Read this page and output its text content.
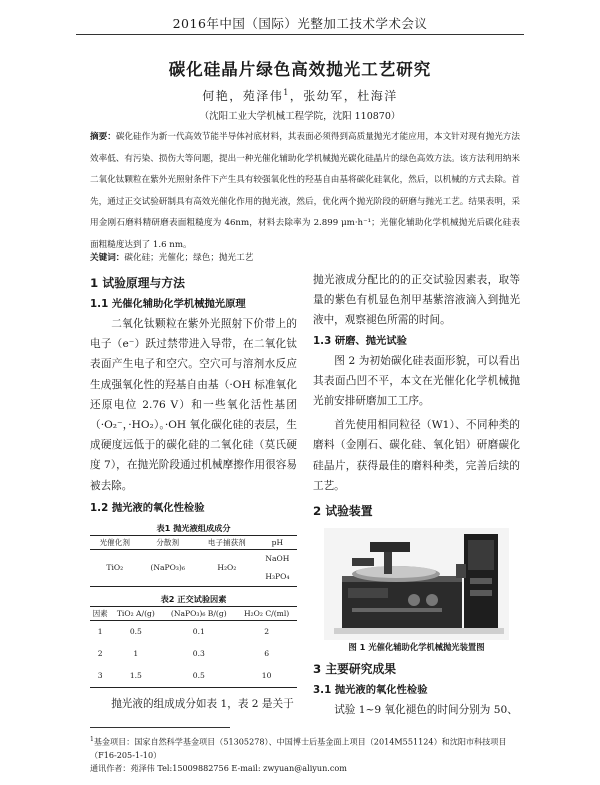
2016年中国（国际）光整加工技术学术会议
碳化硅晶片绿色高效抛光工艺研究
何艳，苑泽伟$^1$，张幼军，杜海洋
（沈阳工业大学机械工程学院，沈阳 110870）
摘要：碳化硅作为新一代高效节能半导体衬底材料，其表面必须得到高质量抛光才能应用，本文针对现有抛光方法效率低、有污染、损伤大等问题，提出一种光催化辅助化学机械抛光碳化硅晶片的绿色高效方法。该方法利用纳米二氧化钛颗粒在紫外光照射条件下产生具有较强氧化性的羟基自由基将碳化硅氧化，然后，以机械的方式去除。首先，通过正交试验研制具有高效光催化作用的抛光液，然后，优化两个抛光阶段的研磨与抛光工艺。结果表明，采用金刚石磨料精研磨表面粗糙度为 46nm，材料去除率为 2.899 μm·h⁻¹；光催化辅助化学机械抛光后碳化硅表面粗糙度达到了 1.6 nm。
关键词：碳化硅；光催化；绿色；抛光工艺
1 试验原理与方法
1.1 光催化辅助化学机械抛光原理

二氧化钛颗粒在紫外光照射下价带上的电子（e⁻）跃过禁带进入导带，在二氧化钛表面产生电子和空穴。空穴可与溶剂水反应生成强氧化性的羟基自由基（·OH 标准氧化还原电位 2.76 V）和一些氧化活性基团（·O₂⁻，·HO₂）。·OH 氧化碳化硅的表层，生成硬度远低于的碳化硅的二氧化硅（莫氏硬度 7），在抛光阶段通过机械摩擦作用很容易被去除。

1.2 抛光液的氧化性检验
表1 抛光液组成成分
光催化剂	分散剂	电子捕获剂	pH
TiO₂	(NaPO₃)₆	H₂O₂	NaOH
			H₃PO₄
表2 正交试验因素
因素	TiO₂ A/(g)	(NaPO₃)₆ B/(g)	H₂O₂ C/(ml)
1	0.5	0.1	2
2	1	0.3	6
3	1.5	0.5	10

抛光液的组成成分如表 1，表 2 是关于

抛光液成分配比的的正交试验因素表，取等量的紫色有机显色剂甲基紫溶液滴入到抛光液中，观察褪色所需的时间。

1.3 研磨、抛光试验

图 2 为初始碳化硅表面形貌，可以看出其表面凸凹不平，本文在光催化化学机械抛光前安排研磨加工工序。

首先使用相同粒径（W1）、不同种类的磨料（金刚石、碳化硅、氧化铝）研磨碳化硅晶片，获得最佳的磨料种类，完善后续的工艺。

2 试验装置
图 1 光催化辅助化学机械抛光装置图
3 主要研究成果
3.1 抛光液的氧化性检验

试验 1~9 氧化褪色的时间分别为 50、

$^1$基金项目：国家自然科学基金项目（51305278）、中国博士后基金面上项目（2014M551124）和沈阳市科技项目（F16-205-1-10）
通讯作者：苑泽伟 Tel:15009882756 E-mail: zwyuan@aliyun.com
